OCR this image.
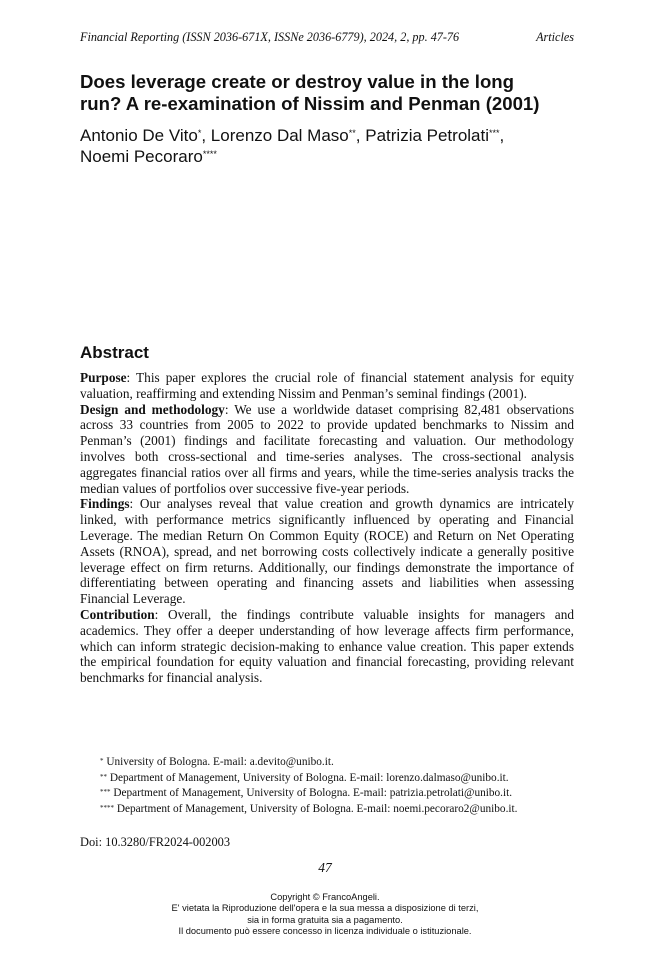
Financial Reporting (ISSN 2036-671X, ISSNe 2036-6779), 2024, 2, pp. 47-76	Articles
Does leverage create or destroy value in the long
run? A re-examination of Nissim and Penman (2001)
Antonio De Vito*, Lorenzo Dal Maso**, Patrizia Petrolati***,
Noemi Pecoraro****
Abstract

Purpose: This paper explores the crucial role of financial statement analysis for equity valuation, reaffirming and extending Nissim and Penman’s seminal findings (2001).

Design and methodology: We use a worldwide dataset comprising 82,481 observations across 33 countries from 2005 to 2022 to provide updated benchmarks to Nissim and Penman’s (2001) findings and facilitate forecasting and valuation. Our methodology involves both cross-sectional and time-series analyses. The cross-sectional analysis aggregates financial ratios over all firms and years, while the time-series analysis tracks the median values of portfolios over successive five-year periods.

Findings: Our analyses reveal that value creation and growth dynamics are intricately linked, with performance metrics significantly influenced by operating and Financial Leverage. The median Return On Common Equity (ROCE) and Return on Net Operating Assets (RNOA), spread, and net borrowing costs collectively indicate a generally positive leverage effect on firm returns. Additionally, our findings demonstrate the importance of differentiating between operating and financing assets and liabilities when assessing Financial Leverage.

Contribution: Overall, the findings contribute valuable insights for managers and academics. They offer a deeper understanding of how leverage affects firm performance, which can inform strategic decision-making to enhance value creation. This paper extends the empirical foundation for equity valuation and financial forecasting, providing relevant benchmarks for financial analysis.

* University of Bologna. E-mail: a.devito@unibo.it.
** Department of Management, University of Bologna. E-mail: lorenzo.dalmaso@unibo.it.
*** Department of Management, University of Bologna. E-mail: patrizia.petrolati@unibo.it.
**** Department of Management, University of Bologna. E-mail: noemi.pecoraro2@unibo.it.
Doi: 10.3280/FR2024-002003
47
Copyright © FrancoAngeli.
E' vietata la Riproduzione dell'opera e la sua messa a disposizione di terzi,
sia in forma gratuita sia a pagamento.
Il documento può essere concesso in licenza individuale o istituzionale.
